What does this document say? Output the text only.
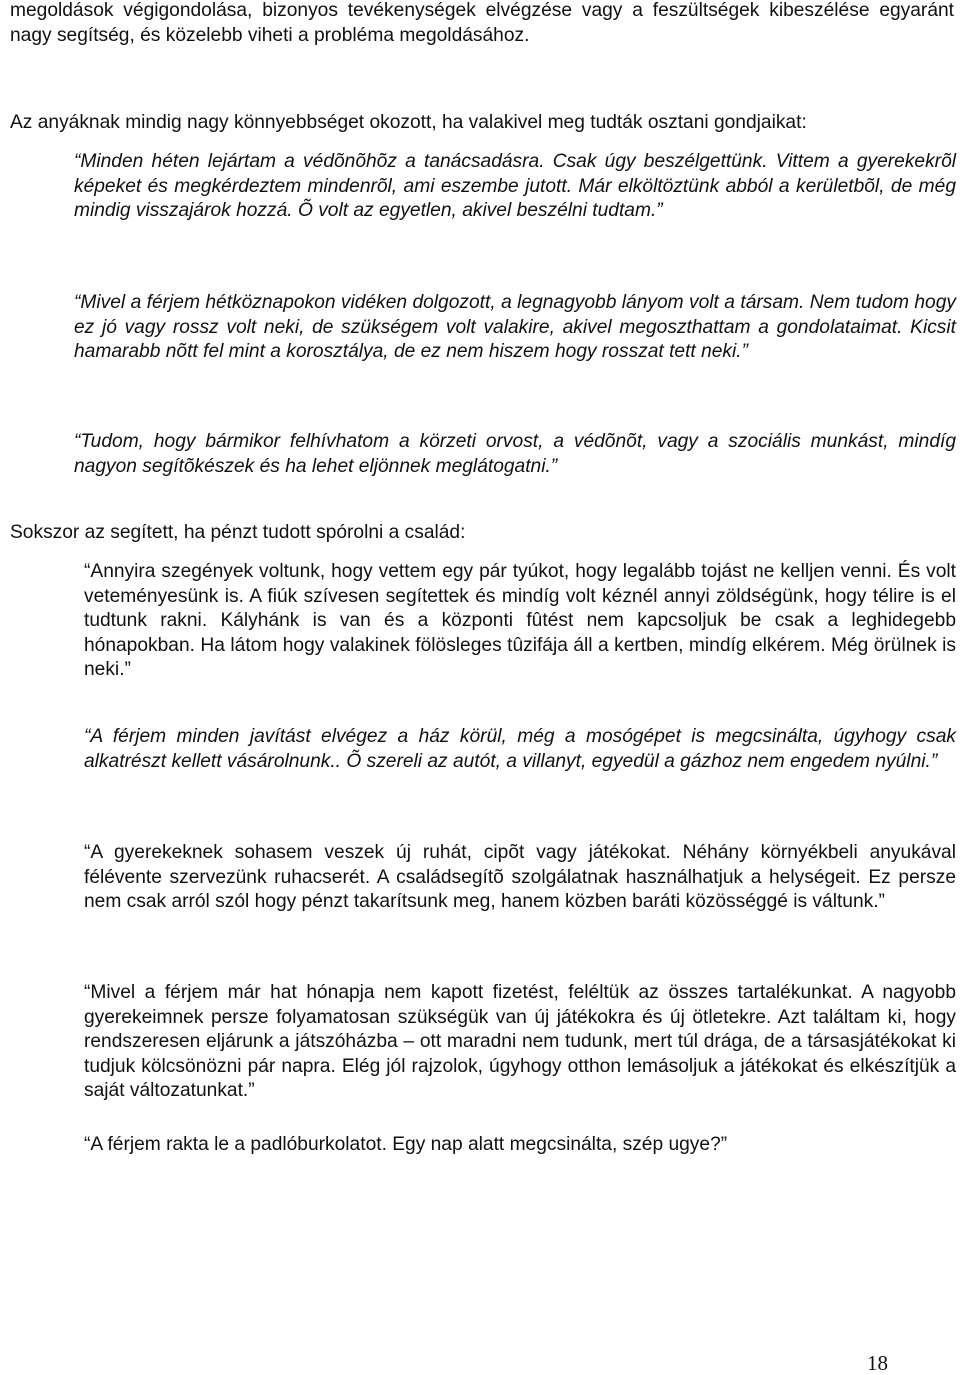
megoldások végigondolása, bizonyos tevékenységek elvégzése vagy a feszültségek kibeszélése egyaránt nagy segítség, és közelebb viheti a probléma megoldásához.

Az anyáknak mindig nagy könnyebbséget okozott, ha valakivel meg tudták osztani gondjaikat:

“Minden héten lejártam a védõnõhõz a tanácsadásra. Csak úgy beszélgettünk. Vittem a gyerekekrõl képeket és megkérdeztem mindenrõl, ami eszembe jutott. Már elköltöztünk abból a kerületbõl, de még mindig visszajárok hozzá. Õ volt az egyetlen, akivel beszélni tudtam.”

“Mivel a férjem hétköznapokon vidéken dolgozott, a legnagyobb lányom volt a társam. Nem tudom hogy ez jó vagy rossz volt neki, de szükségem volt valakire, akivel megoszthattam a gondolataimat. Kicsit hamarabb nõtt fel mint a korosztálya, de ez nem hiszem hogy rosszat tett neki.”

“Tudom, hogy bármikor felhívhatom a körzeti orvost, a védõnõt, vagy a szociális munkást, mindíg nagyon segítõkészek és ha lehet eljönnek meglátogatni.”

Sokszor az segített, ha pénzt tudott spórolni a család:

“Annyira szegények voltunk, hogy vettem egy pár tyúkot, hogy legalább tojást ne kelljen venni. És volt veteményesünk is. A fiúk szívesen segítettek és mindíg volt kéznél annyi zöldségünk, hogy télire is el tudtunk rakni. Kályhánk is van és a központi fûtést nem kapcsoljuk be csak a leghidegebb hónapokban. Ha látom hogy valakinek fölösleges tûzifája áll a kertben, mindíg elkérem. Még örülnek is neki.”

“A férjem minden javítást elvégez a ház körül, még a mosógépet is megcsinálta, úgyhogy csak alkatrészt kellett vásárolnunk.. Õ szereli az autót, a villanyt, egyedül a gázhoz nem engedem nyúlni.”

“A gyerekeknek sohasem veszek új ruhát, cipõt vagy játékokat. Néhány környékbeli anyukával félévente szervezünk ruhacserét. A családsegítõ szolgálatnak használhatjuk a helységeit. Ez persze nem csak arról szól hogy pénzt takarítsunk meg, hanem közben baráti közösséggé is váltunk.”

“Mivel a férjem már hat hónapja nem kapott fizetést, feléltük az összes tartalékunkat. A nagyobb gyerekeimnek persze folyamatosan szükségük van új játékokra és új ötletekre. Azt találtam ki, hogy rendszeresen eljárunk a játszóházba – ott maradni nem tudunk, mert túl drága, de a társasjátékokat ki tudjuk kölcsönözni pár napra. Elég jól rajzolok, úgyhogy otthon lemásoljuk a játékokat és elkészítjük a saját változatunkat.”

“A férjem rakta le a padlóburkolatot. Egy nap alatt megcsinálta, szép ugye?”

18
